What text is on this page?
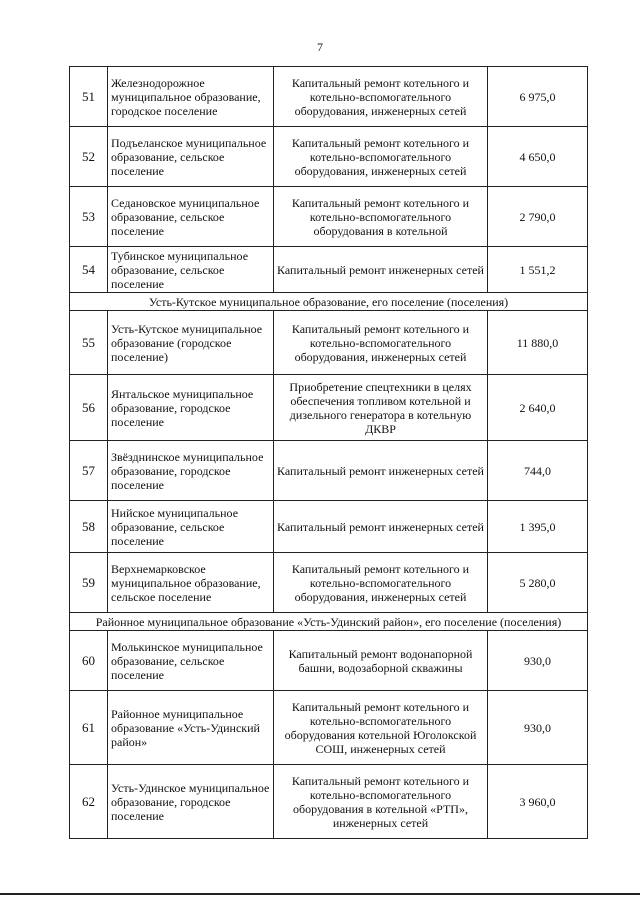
7
51	Железнодорожное муниципальное образование, городское поселение	Капитальный ремонт котельного и котельно-вспомогательного оборудования, инженерных сетей	6 975,0
52	Подъеланское муниципальное образование, сельское поселение	Капитальный ремонт котельного и котельно-вспомогательного оборудования, инженерных сетей	4 650,0
53	Седановское муниципальное образование, сельское поселение	Капитальный ремонт котельного и котельно-вспомогательного оборудования в котельной	2 790,0
54	Тубинское муниципальное образование, сельское поселение	Капитальный ремонт инженерных сетей	1 551,2
Усть-Кутское муниципальное образование, его поселение (поселения)			
55	Усть-Кутское муниципальное образование (городское поселение)	Капитальный ремонт котельного и котельно-вспомогательного оборудования, инженерных сетей	11 880,0
56	Янтальское муниципальное образование, городское поселение	Приобретение спецтехники в целях обеспечения топливом котельной и дизельного генератора в котельную ДКВР	2 640,0
57	Звёзднинское муниципальное образование, городское поселение	Капитальный ремонт инженерных сетей	744,0
58	Нийское муниципальное образование, сельское поселение	Капитальный ремонт инженерных сетей	1 395,0
59	Верхнемарковское муниципальное образование, сельское поселение	Капитальный ремонт котельного и котельно-вспомогательного оборудования, инженерных сетей	5 280,0
Районное муниципальное образование «Усть-Удинский район», его поселение (поселения)			
60	Молькинское муниципальное образование, сельское поселение	Капитальный ремонт водонапорной башни, водозаборной скважины	930,0
61	Районное муниципальное образование «Усть-Удинский район»	Капитальный ремонт котельного и котельно-вспомогательного оборудования котельной Юголокской СОШ, инженерных сетей	930,0
62	Усть-Удинское муниципальное образование, городское поселение	Капитальный ремонт котельного и котельно-вспомогательного оборудования в котельной «РТП», инженерных сетей	3 960,0
